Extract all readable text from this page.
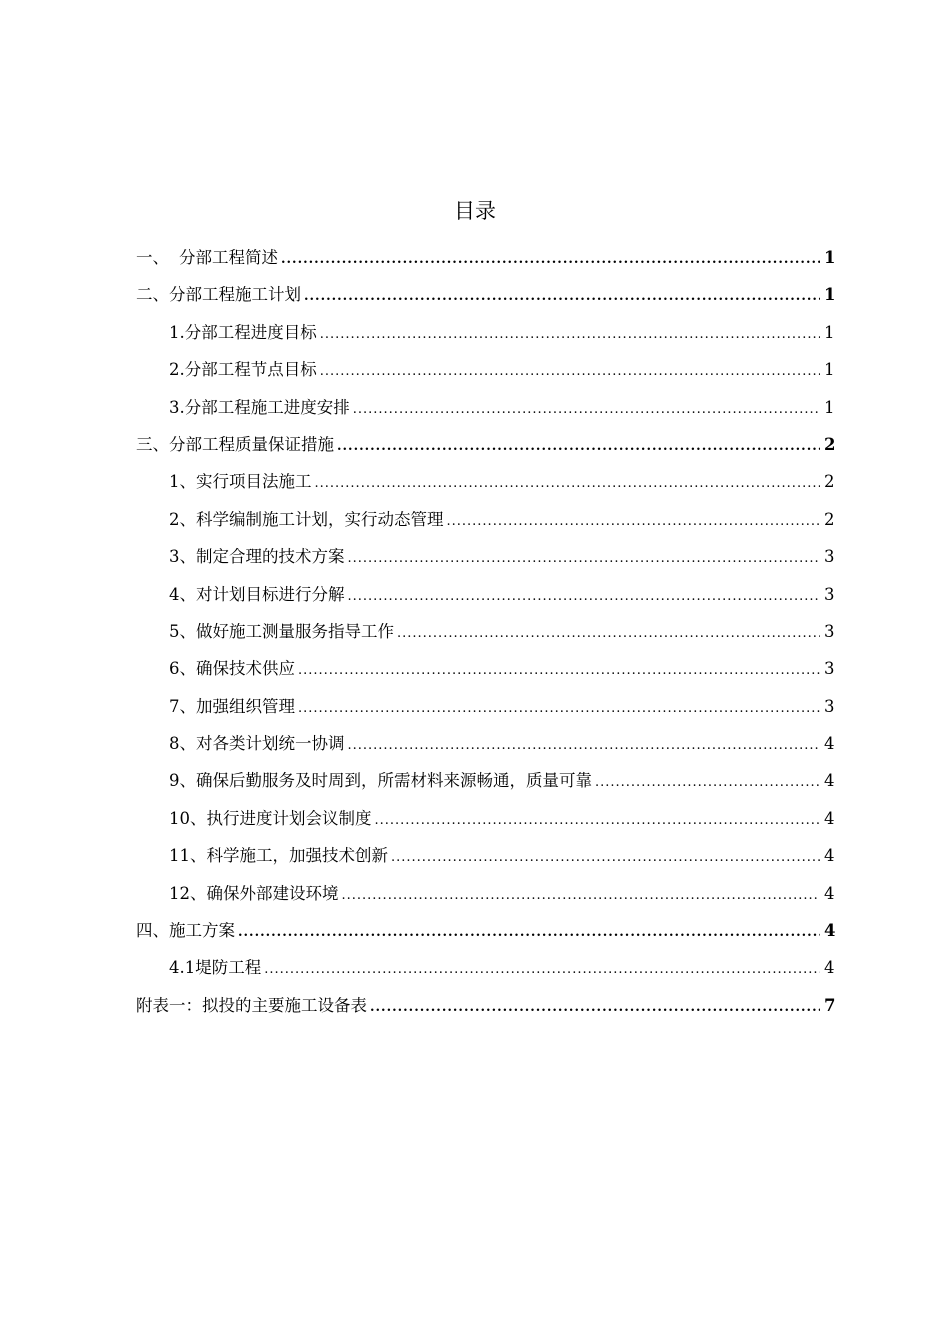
目录
一、 分部工程简述 .....	1
二、分部工程施工计划 .....	1
1.分部工程进度目标 .....	1
2.分部工程节点目标 .....	1
3.分部工程施工进度安排 .....	1
三、 分部工程质量保证措施 .....	2
1、实行项目法施工 .....	2
2、科学编制施工计划，实行动态管理 .....	2
3、制定合理的技术方案 .....	3
4、对计划目标进行分解 .....	3
5、做好施工测量服务指导工作 .....	3
6、确保技术供应 .....	3
7、加强组织管理 .....	3
8、对各类计划统一协调 .....	4
9、确保后勤服务及时周到，所需材料来源畅通，质量可靠 .....	4
10、执行进度计划会议制度 .....	4
11、科学施工，加强技术创新 .....	4
12、确保外部建设环境 .....	4
四、 施工方案 .....	4
4.1堤防工程 .....	4
附表一：拟投的主要施工设备表 .....	7
